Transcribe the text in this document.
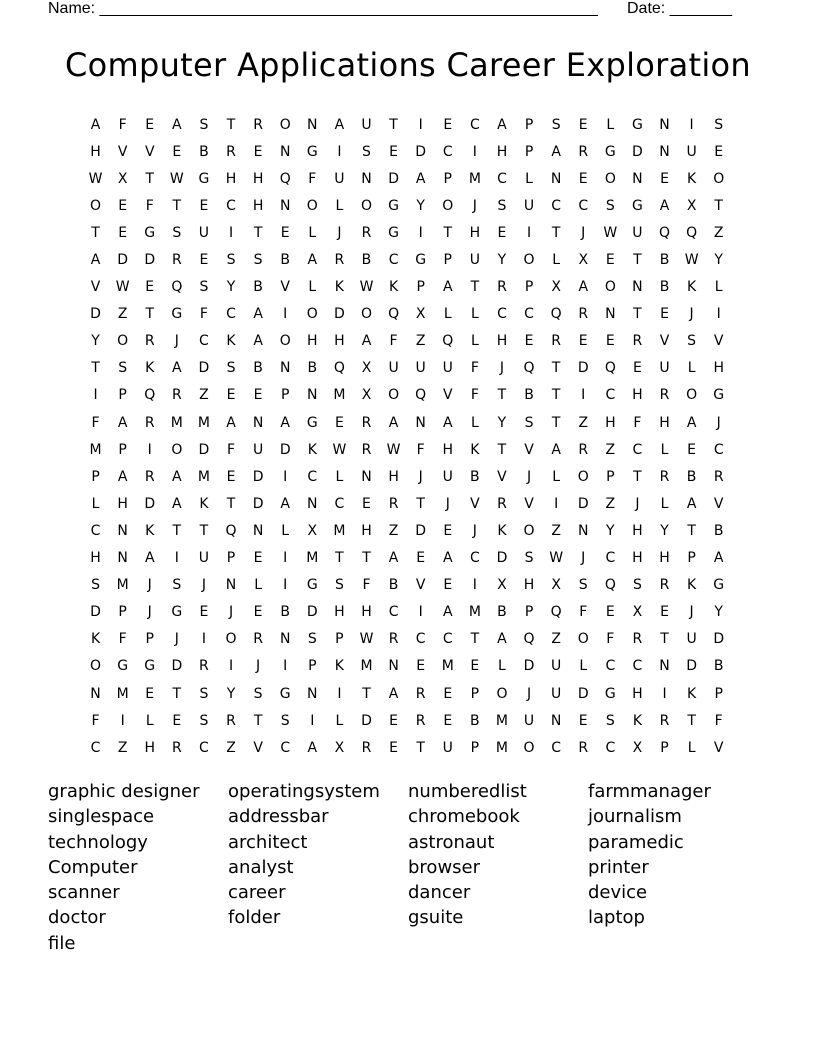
Name: ________________________________________________________ Date: _______
Computer Applications Career Exploration
A	F	E	A	S	T	R	O	N	A	U	T	I	E	C	A	P	S	E	L	G	N	I	S
H	V	V	E	B	R	E	N	G	I	S	E	D	C	I	H	P	A	R	G	D	N	U	E
W	X	T	W	G	H	H	Q	F	U	N	D	A	P	M	C	L	N	E	O	N	E	K	O
O	E	F	T	E	C	H	N	O	L	O	G	Y	O	J	S	U	C	C	S	G	A	X	T
T	E	G	S	U	I	T	E	L	J	R	G	I	T	H	E	I	T	J	W	U	Q	Q	Z
A	D	D	R	E	S	S	B	A	R	B	C	G	P	U	Y	O	L	X	E	T	B	W	Y
V	W	E	Q	S	Y	B	V	L	K	W	K	P	A	T	R	P	X	A	O	N	B	K	L
D	Z	T	G	F	C	A	I	O	D	O	Q	X	L	L	C	C	Q	R	N	T	E	J	I
Y	O	R	J	C	K	A	O	H	H	A	F	Z	Q	L	H	E	R	E	E	R	V	S	V
T	S	K	A	D	S	B	N	B	Q	X	U	U	U	F	J	Q	T	D	Q	E	U	L	H
I	P	Q	R	Z	E	E	P	N	M	X	O	Q	V	F	T	B	T	I	C	H	R	O	G
F	A	R	M	M	A	N	A	G	E	R	A	N	A	L	Y	S	T	Z	H	F	H	A	J
M	P	I	O	D	F	U	D	K	W	R	W	F	H	K	T	V	A	R	Z	C	L	E	C
P	A	R	A	M	E	D	I	C	L	N	H	J	U	B	V	J	L	O	P	T	R	B	R
L	H	D	A	K	T	D	A	N	C	E	R	T	J	V	R	V	I	D	Z	J	L	A	V
C	N	K	T	T	Q	N	L	X	M	H	Z	D	E	J	K	O	Z	N	Y	H	Y	T	B
H	N	A	I	U	P	E	I	M	T	T	A	E	A	C	D	S	W	J	C	H	H	P	A
S	M	J	S	J	N	L	I	G	S	F	B	V	E	I	X	H	X	S	Q	S	R	K	G
D	P	J	G	E	J	E	B	D	H	H	C	I	A	M	B	P	Q	F	E	X	E	J	Y
K	F	P	J	I	O	R	N	S	P	W	R	C	C	T	A	Q	Z	O	F	R	T	U	D
O	G	G	D	R	I	J	I	P	K	M	N	E	M	E	L	D	U	L	C	C	N	D	B
N	M	E	T	S	Y	S	G	N	I	T	A	R	E	P	O	J	U	D	G	H	I	K	P
F	I	L	E	S	R	T	S	I	L	D	E	R	E	B	M	U	N	E	S	K	R	T	F
C	Z	H	R	C	Z	V	C	A	X	R	E	T	U	P	M	O	C	R	C	X	P	L	V
graphic designer	operatingsystem	numberedlist	farmmanager
singlespace	addressbar	chromebook	journalism
technology	architect	astronaut	paramedic
Computer	analyst	browser	printer
scanner	career	dancer	device
doctor	folder	gsuite	laptop
file
